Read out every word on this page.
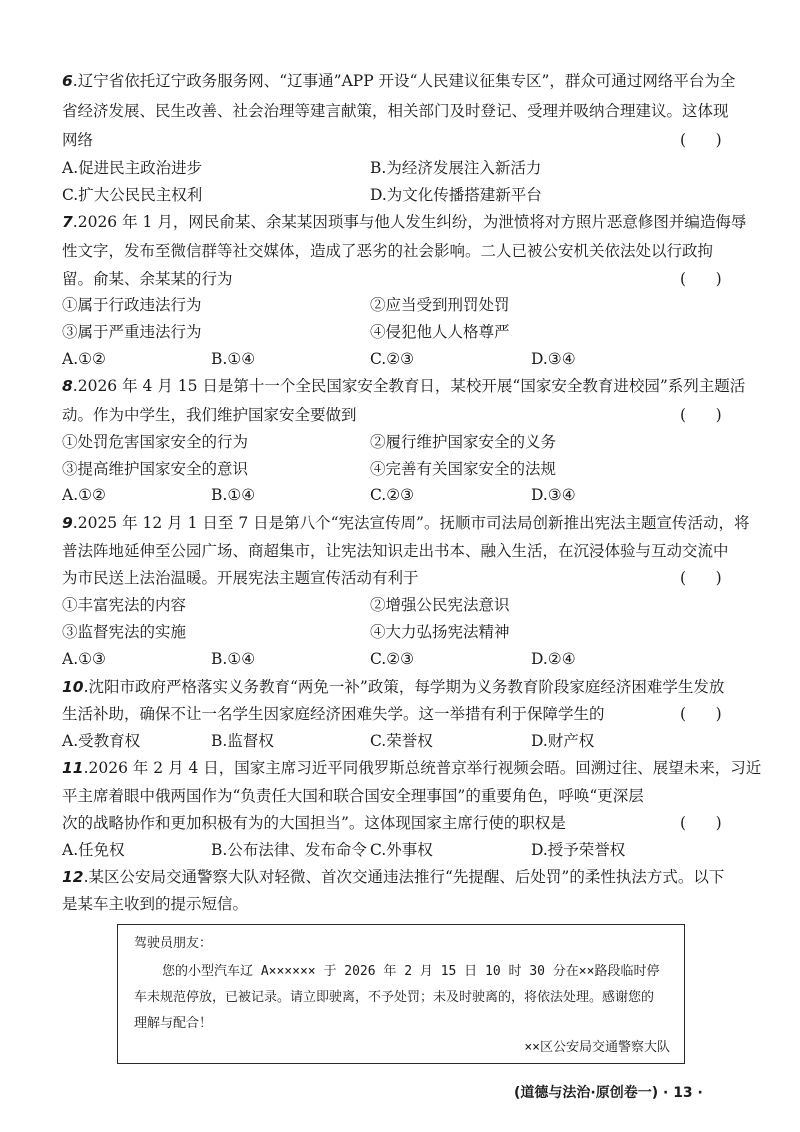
6.辽宁省依托辽宁政务服务网、“辽事通”APP 开设“人民建议征集专区”，群众可通过网络平台为全
省经济发展、民生改善、社会治理等建言献策，相关部门及时登记、受理并吸纳合理建议。这体现
网络	(      )
A.促进民主政治进步	B.为经济发展注入新活力
C.扩大公民民主权利	D.为文化传播搭建新平台
7.2026 年 1 月，网民俞某、余某某因琐事与他人发生纠纷，为泄愤将对方照片恶意修图并编造侮辱
性文字，发布至微信群等社交媒体，造成了恶劣的社会影响。二人已被公安机关依法处以行政拘
留。俞某、余某某的行为	(      )
①属于行政违法行为	②应当受到刑罚处罚
③属于严重违法行为	④侵犯他人人格尊严
A.①②	B.①④	C.②③	D.③④
8.2026 年 4 月 15 日是第十一个全民国家安全教育日，某校开展“国家安全教育进校园”系列主题活
动。作为中学生，我们维护国家安全要做到	(      )
①处罚危害国家安全的行为	②履行维护国家安全的义务
③提高维护国家安全的意识	④完善有关国家安全的法规
A.①②	B.①④	C.②③	D.③④
9.2025 年 12 月 1 日至 7 日是第八个“宪法宣传周”。抚顺市司法局创新推出宪法主题宣传活动，将
普法阵地延伸至公园广场、商超集市，让宪法知识走出书本、融入生活，在沉浸体验与互动交流中
为市民送上法治温暖。开展宪法主题宣传活动有利于	(      )
①丰富宪法的内容	②增强公民宪法意识
③监督宪法的实施	④大力弘扬宪法精神
A.①③	B.①④	C.②③	D.②④
10.沈阳市政府严格落实义务教育“两免一补”政策，每学期为义务教育阶段家庭经济困难学生发放
生活补助，确保不让一名学生因家庭经济困难失学。这一举措有利于保障学生的	(      )
A.受教育权	B.监督权	C.荣誉权	D.财产权
11.2026 年 2 月 4 日，国家主席习近平同俄罗斯总统普京举行视频会晤。回溯过往、展望未来，习近
平主席着眼中俄两国作为“负责任大国和联合国安全理事国”的重要角色，呼唤“更深层
次的战略协作和更加积极有为的大国担当”。这体现国家主席行使的职权是	(      )
A.任免权	B.公布法律、发布命令 C.外事权	D.授予荣誉权
12.某区公安局交通警察大队对轻微、首次交通违法推行“先提醒、后处罚”的柔性执法方式。以下
是某车主收到的提示短信。
驾驶员朋友：
您的小型汽车辽 A×××××× 于 2026 年 2 月 15 日 10 时 30 分在××路段临时停
车未规范停放，已被记录。请立即驶离，不予处罚；未及时驶离的，将依法处理。感谢您的
理解与配合！
××区公安局交通警察大队
(道德与法治·原创卷一) · 13 ·
